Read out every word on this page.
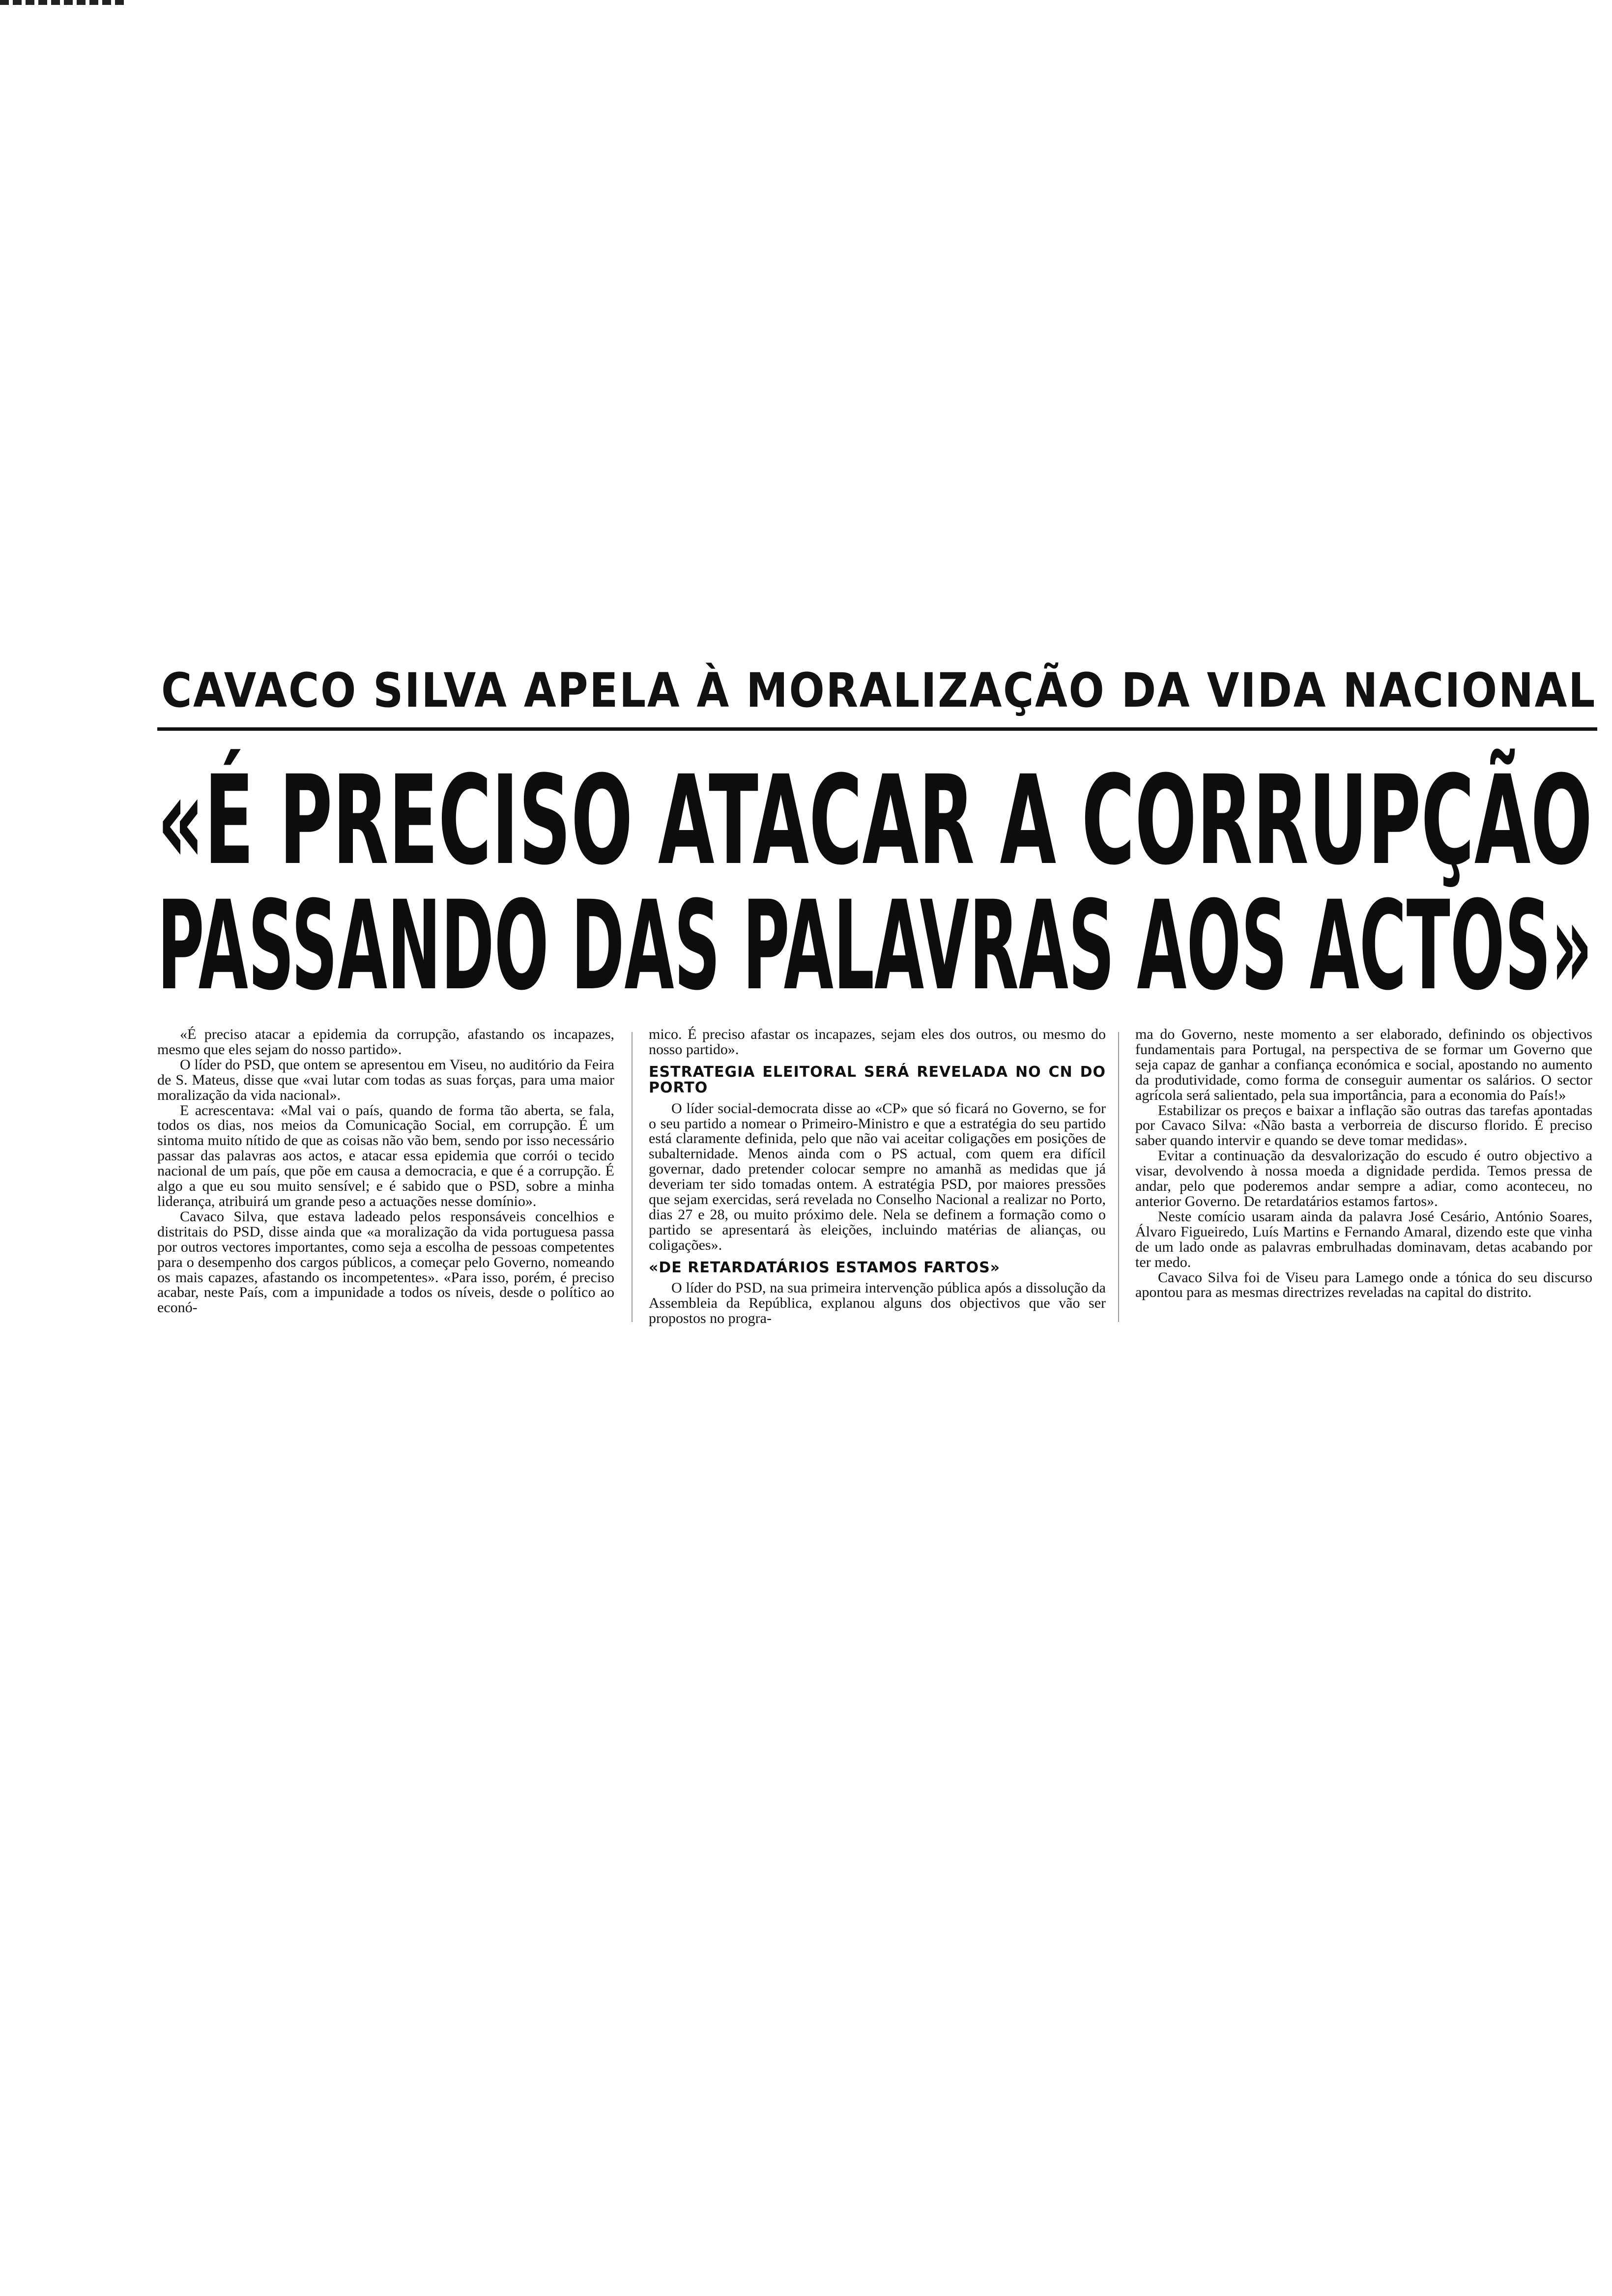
CAVACO SILVA APELA À MORALIZAÇÃO DA VIDA NACIONAL
«É PRECISO ATACAR A CORRUPÇÃO
PASSANDO DAS PALAVRAS AOS ACTOS»

«É preciso atacar a epidemia da corrupção, afastando os incapazes, mesmo que eles sejam do nosso partido».

O líder do PSD, que ontem se apresentou em Viseu, no auditório da Feira de S. Mateus, disse que «vai lutar com todas as suas forças, para uma maior moralização da vida nacional».

E acrescentava: «Mal vai o país, quando de forma tão aberta, se fala, todos os dias, nos meios da Comunicação Social, em corrupção. É um sintoma muito nítido de que as coisas não vão bem, sendo por isso necessário passar das palavras aos actos, e atacar essa epidemia que corrói o tecido nacional de um país, que põe em causa a democracia, e que é a corrupção. É algo a que eu sou muito sensível; e é sabido que o PSD, sobre a minha liderança, atribuirá um grande peso a actuações nesse domínio».

Cavaco Silva, que estava ladeado pelos responsáveis concelhios e distritais do PSD, disse ainda que «a moralização da vida portuguesa passa por outros vectores importantes, como seja a escolha de pessoas competentes para o desempenho dos cargos públicos, a começar pelo Governo, nomeando os mais capazes, afastando os incompetentes». «Para isso, porém, é preciso acabar, neste País, com a impunidade a todos os níveis, desde o político ao econó-

mico. É preciso afastar os incapazes, sejam eles dos outros, ou mesmo do nosso partido».

ESTRATEGIA ELEITORAL SERÁ REVELADA NO CN DO PORTO

O líder social-democrata disse ao «CP» que só ficará no Governo, se for o seu partido a nomear o Primeiro-Ministro e que a estratégia do seu partido está claramente definida, pelo que não vai aceitar coligações em posições de subalternidade. Menos ainda com o PS actual, com quem era difícil governar, dado pretender colocar sempre no amanhã as medidas que já deveriam ter sido tomadas ontem. A estratégia PSD, por maiores pressões que sejam exercidas, será revelada no Conselho Nacional a realizar no Porto, dias 27 e 28, ou muito próximo dele. Nela se definem a formação como o partido se apresentará às eleições, incluindo matérias de alianças, ou coligações».

«DE RETARDATÁRIOS ESTAMOS FARTOS»

O líder do PSD, na sua primeira intervenção pública após a dissolução da Assembleia da República, explanou alguns dos objectivos que vão ser propostos no progra-

ma do Governo, neste momento a ser elaborado, definindo os objectivos fundamentais para Portugal, na perspectiva de se formar um Governo que seja capaz de ganhar a confiança económica e social, apostando no aumento da produtividade, como forma de conseguir aumentar os salários. O sector agrícola será salientado, pela sua importância, para a economia do País!»

Estabilizar os preços e baixar a inflação são outras das tarefas apontadas por Cavaco Silva: «Não basta a verborreia de discurso florido. É preciso saber quando intervir e quando se deve tomar medidas».

Evitar a continuação da desvalorização do escudo é outro objectivo a visar, devolvendo à nossa moeda a dignidade perdida. Temos pressa de andar, pelo que poderemos andar sempre a adiar, como aconteceu, no anterior Governo. De retardatários estamos fartos».

Neste comício usaram ainda da palavra José Cesário, António Soares, Álvaro Figueiredo, Luís Martins e Fernando Amaral, dizendo este que vinha de um lado onde as palavras embrulhadas dominavam, detas acabando por ter medo.

Cavaco Silva foi de Viseu para Lamego onde a tónica do seu discurso apontou para as mesmas directrizes reveladas na capital do distrito.
